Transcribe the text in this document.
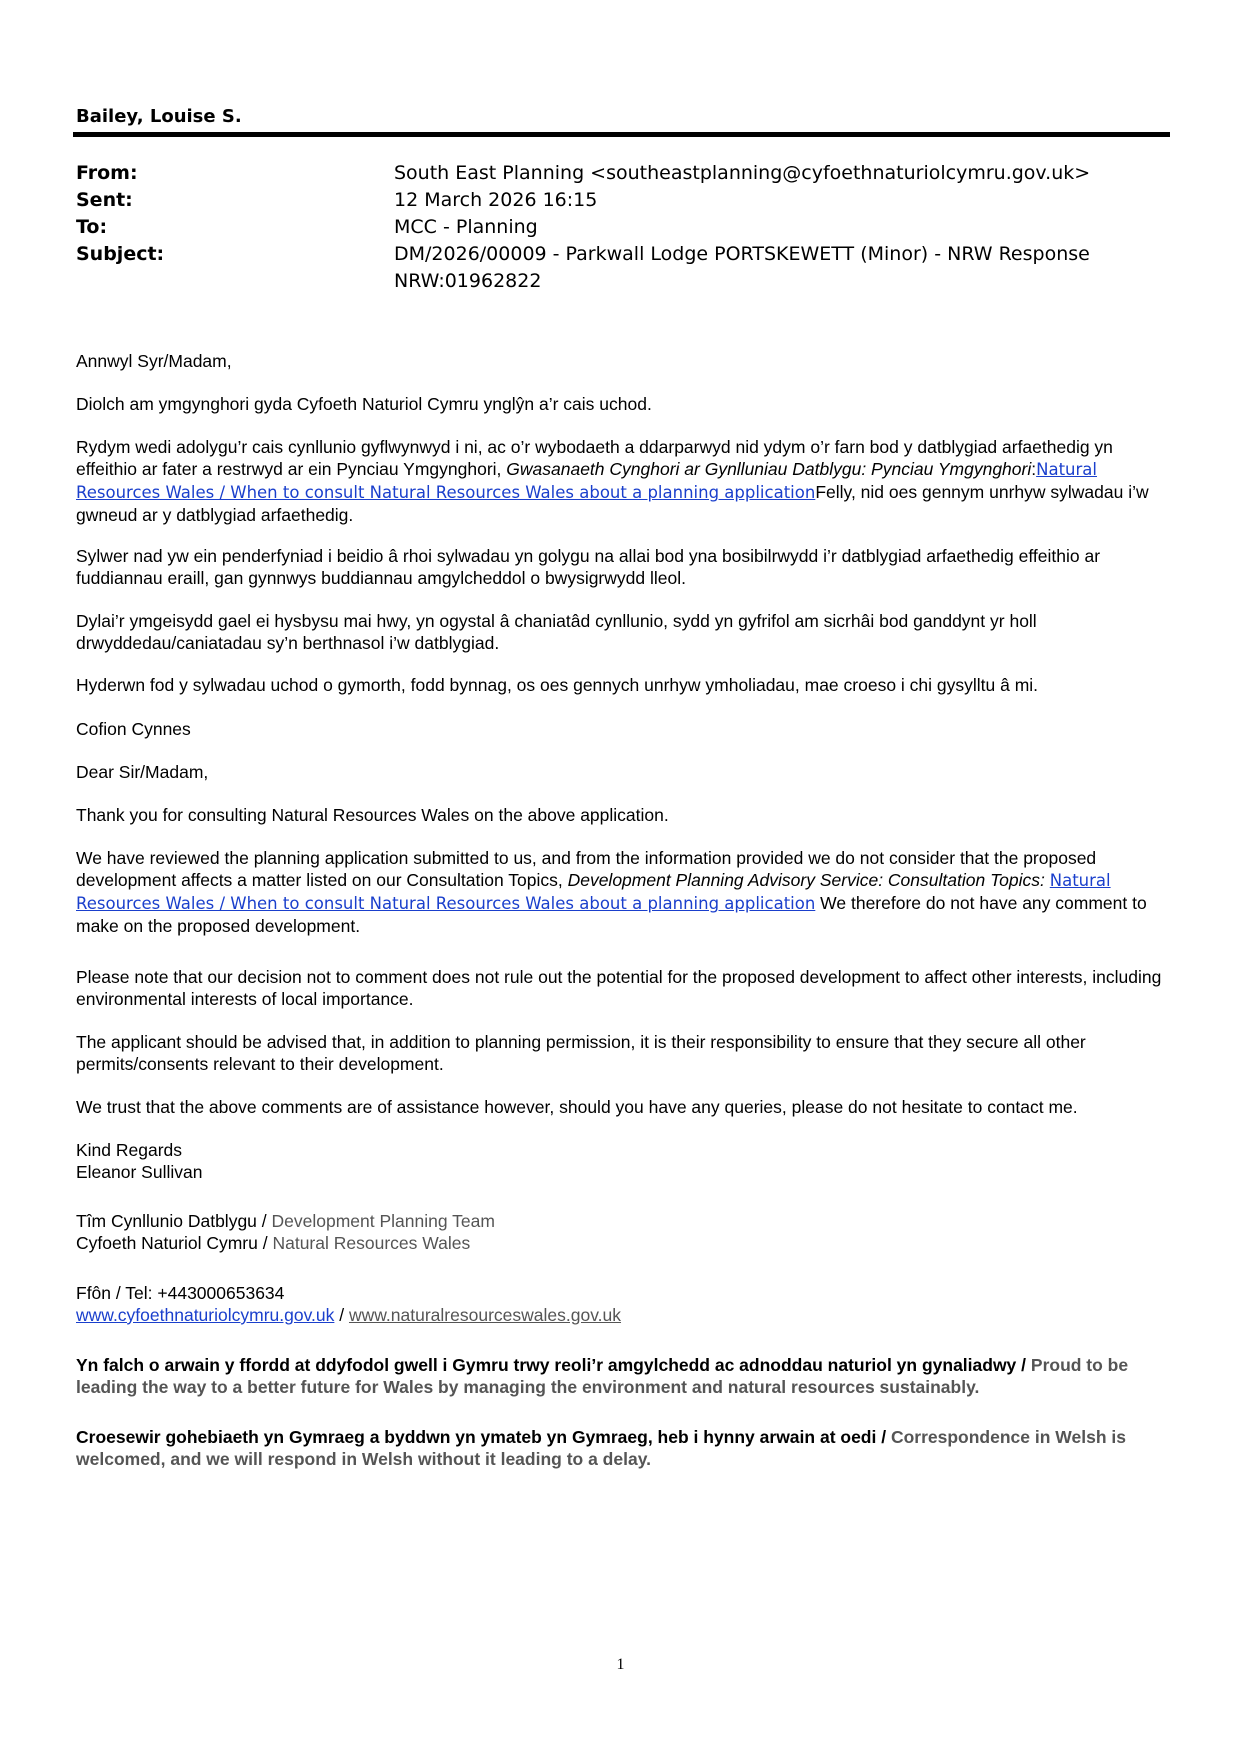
Bailey, Louise S.
From:	South East Planning <southeastplanning@cyfoethnaturiolcymru.gov.uk>
Sent:	12 March 2026 16:15
To:	MCC - Planning
Subject:	DM/2026/00009 - Parkwall Lodge PORTSKEWETT (Minor) - NRW Response
NRW:01962822
Annwyl Syr/Madam,
Diolch am ymgynghori gyda Cyfoeth Naturiol Cymru ynglŷn a’r cais uchod.
Rydym wedi adolygu’r cais cynllunio gyflwynwyd i ni, ac o’r wybodaeth a ddarparwyd nid ydym o’r farn bod y datblygiad arfaethedig yn effeithio ar fater a restrwyd ar ein Pynciau Ymgynghori, Gwasanaeth Cynghori ar Gynlluniau Datblygu: Pynciau Ymgynghori:Natural Resources Wales / When to consult Natural Resources Wales about a planning applicationFelly, nid oes gennym unrhyw sylwadau i’w gwneud ar y datblygiad arfaethedig.
Sylwer nad yw ein penderfyniad i beidio â rhoi sylwadau yn golygu na allai bod yna bosibilrwydd i’r datblygiad arfaethedig effeithio ar fuddiannau eraill, gan gynnwys buddiannau amgylcheddol o bwysigrwydd lleol.
Dylai’r ymgeisydd gael ei hysbysu mai hwy, yn ogystal â chaniatâd cynllunio, sydd yn gyfrifol am sicrhâi bod ganddynt yr holl drwyddedau/caniatadau sy’n berthnasol i’w datblygiad.
Hyderwn fod y sylwadau uchod o gymorth, fodd bynnag, os oes gennych unrhyw ymholiadau, mae croeso i chi gysylltu â mi.
Cofion Cynnes
Dear Sir/Madam,
Thank you for consulting Natural Resources Wales on the above application.
We have reviewed the planning application submitted to us, and from the information provided we do not consider that the proposed development affects a matter listed on our Consultation Topics, Development Planning Advisory Service: Consultation Topics: Natural Resources Wales / When to consult Natural Resources Wales about a planning application We therefore do not have any comment to make on the proposed development.
Please note that our decision not to comment does not rule out the potential for the proposed development to affect other interests, including environmental interests of local importance.
The applicant should be advised that, in addition to planning permission, it is their responsibility to ensure that they secure all other permits/consents relevant to their development.
We trust that the above comments are of assistance however, should you have any queries, please do not hesitate to contact me.
Kind Regards
Eleanor Sullivan
Tîm Cynllunio Datblygu / Development Planning Team
Cyfoeth Naturiol Cymru / Natural Resources Wales
Ffôn / Tel: +443000653634
www.cyfoethnaturiolcymru.gov.uk / www.naturalresourceswales.gov.uk
Yn falch o arwain y ffordd at ddyfodol gwell i Gymru trwy reoli’r amgylchedd ac adnoddau naturiol yn gynaliadwy / Proud to be leading the way to a better future for Wales by managing the environment and natural resources sustainably.
Croesewir gohebiaeth yn Gymraeg a byddwn yn ymateb yn Gymraeg, heb i hynny arwain at oedi / Correspondence in Welsh is welcomed, and we will respond in Welsh without it leading to a delay.
1
